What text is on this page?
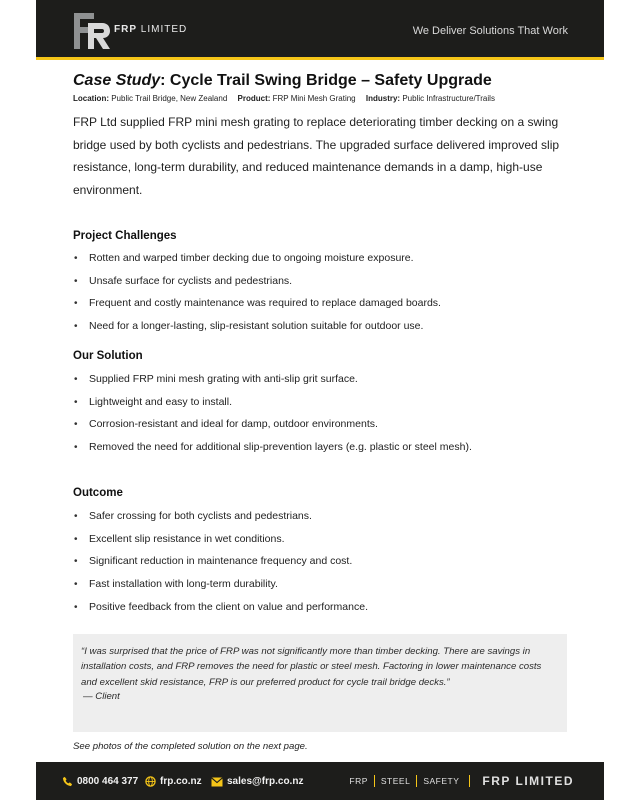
FRP LIMITED	We Deliver Solutions That Work
Case Study: Cycle Trail Swing Bridge – Safety Upgrade
Location: Public Trail Bridge, New Zealand Product: FRP Mini Mesh Grating Industry: Public Infrastructure/Trails

FRP Ltd supplied FRP mini mesh grating to replace deteriorating timber decking on a swing bridge used by both cyclists and pedestrians. The upgraded surface delivered improved slip resistance, long-term durability, and reduced maintenance demands in a damp, high-use environment.

Project Challenges
• Rotten and warped timber decking due to ongoing moisture exposure.
• Unsafe surface for cyclists and pedestrians.
• Frequent and costly maintenance was required to replace damaged boards.
• Need for a longer-lasting, slip-resistant solution suitable for outdoor use.
Our Solution
• Supplied FRP mini mesh grating with anti-slip grit surface.
• Lightweight and easy to install.
• Corrosion-resistant and ideal for damp, outdoor environments.
• Removed the need for additional slip-prevention layers (e.g. plastic or steel mesh).
Outcome
• Safer crossing for both cyclists and pedestrians.
• Excellent slip resistance in wet conditions.
• Significant reduction in maintenance frequency and cost.
• Fast installation with long-term durability.
• Positive feedback from the client on value and performance.

“I was surprised that the price of FRP was not significantly more than timber decking. There are savings in installation costs, and FRP removes the need for plastic or steel mesh. Factoring in lower maintenance costs and excellent skid resistance, FRP is our preferred product for cycle trail bridge decks.”

— Client

See photos of the completed solution on the next page.
0800 464 377 frp.co.nz	sales@frp.co.nz	FRP STEEL SAFETY FRP LIMITED
